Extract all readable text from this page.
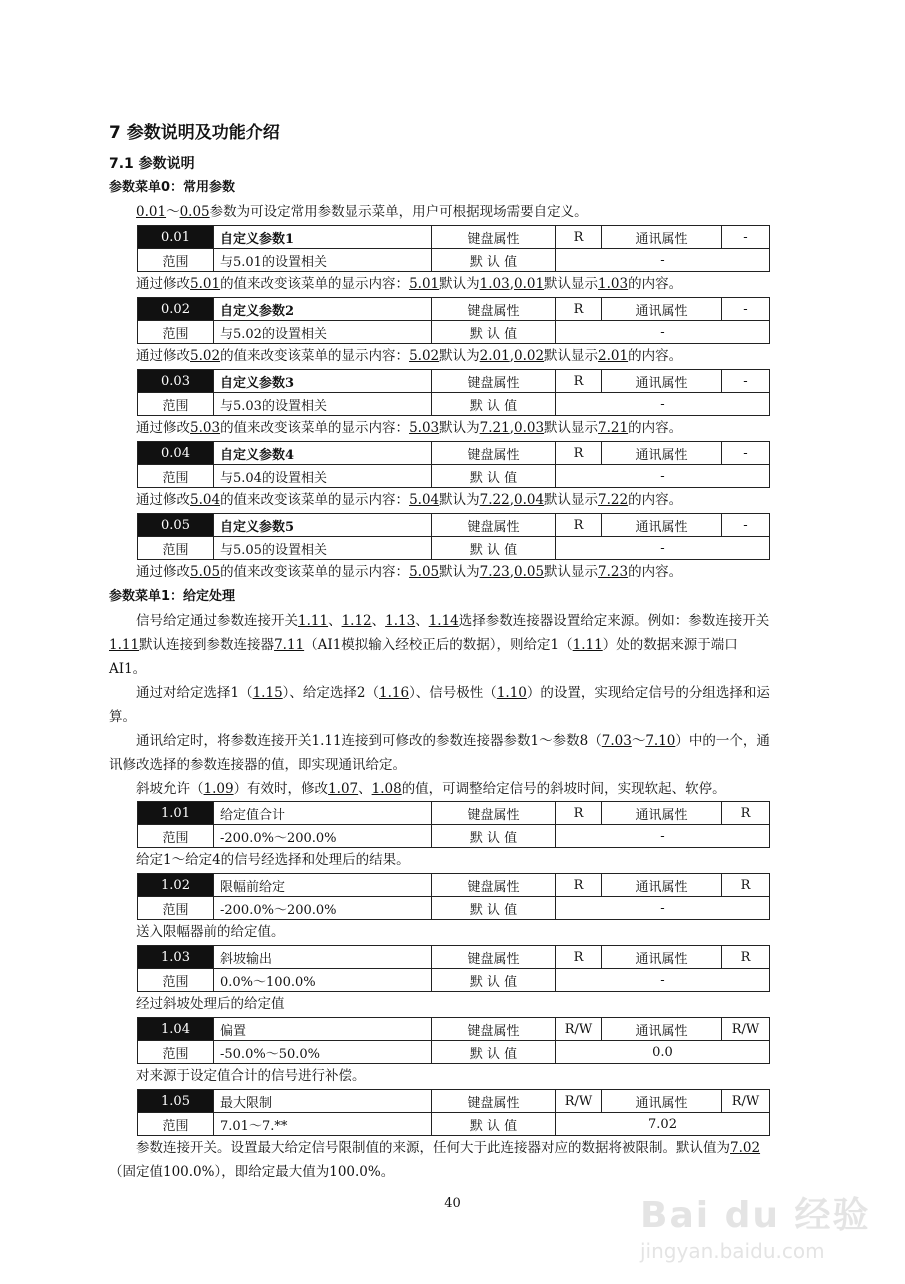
7 参数说明及功能介绍
7.1 参数说明
参数菜单0：常用参数
0.01～0.05参数为可设定常用参数显示菜单，用户可根据现场需要自定义。
0.01	自定义参数1	键盘属性	R	通讯属性	-
范围	与5.01的设置相关	默 认 值	-		
通过修改5.01的值来改变该菜单的显示内容：5.01默认为1.03,0.01默认显示1.03的内容。
0.02	自定义参数2	键盘属性	R	通讯属性	-
范围	与5.02的设置相关	默 认 值	-		
通过修改5.02的值来改变该菜单的显示内容：5.02默认为2.01,0.02默认显示2.01的内容。
0.03	自定义参数3	键盘属性	R	通讯属性	-
范围	与5.03的设置相关	默 认 值	-		
通过修改5.03的值来改变该菜单的显示内容：5.03默认为7.21,0.03默认显示7.21的内容。
0.04	自定义参数4	键盘属性	R	通讯属性	-
范围	与5.04的设置相关	默 认 值	-		
通过修改5.04的值来改变该菜单的显示内容：5.04默认为7.22,0.04默认显示7.22的内容。
0.05	自定义参数5	键盘属性	R	通讯属性	-
范围	与5.05的设置相关	默 认 值	-		
通过修改5.05的值来改变该菜单的显示内容：5.05默认为7.23,0.05默认显示7.23的内容。
参数菜单1：给定处理
信号给定通过参数连接开关1.11、1.12、1.13、1.14选择参数连接器设置给定来源。例如：参数连接开关1.11默认连接到参数连接器7.11（AI1模拟输入经校正后的数据），则给定1（1.11）处的数据来源于端口AI1。
通过对给定选择1（1.15）、给定选择2（1.16）、信号极性（1.10）的设置，实现给定信号的分组选择和运算。
通讯给定时，将参数连接开关1.11连接到可修改的参数连接器参数1～参数8（7.03～7.10）中的一个，通讯修改选择的参数连接器的值，即实现通讯给定。
斜坡允许（1.09）有效时，修改1.07、1.08的值，可调整给定信号的斜坡时间，实现软起、软停。
1.01	给定值合计	键盘属性	R	通讯属性	R
范围	-200.0%～200.0%	默 认 值	-		
给定1～给定4的信号经选择和处理后的结果。
1.02	限幅前给定	键盘属性	R	通讯属性	R
范围	-200.0%～200.0%	默 认 值	-		
送入限幅器前的给定值。
1.03	斜坡输出	键盘属性	R	通讯属性	R
范围	0.0%～100.0%	默 认 值	-		
经过斜坡处理后的给定值
1.04	偏置	键盘属性	R/W	通讯属性	R/W
范围	-50.0%～50.0%	默 认 值	0.0		
对来源于设定值合计的信号进行补偿。
1.05	最大限制	键盘属性	R/W	通讯属性	R/W
范围	7.01～7.**	默 认 值	7.02		
参数连接开关。设置最大给定信号限制值的来源，任何大于此连接器对应的数据将被限制。默认值为7.02（固定值100.0%），即给定最大值为100.0%。
40	Bai du 经验
jingyan.baidu.com
